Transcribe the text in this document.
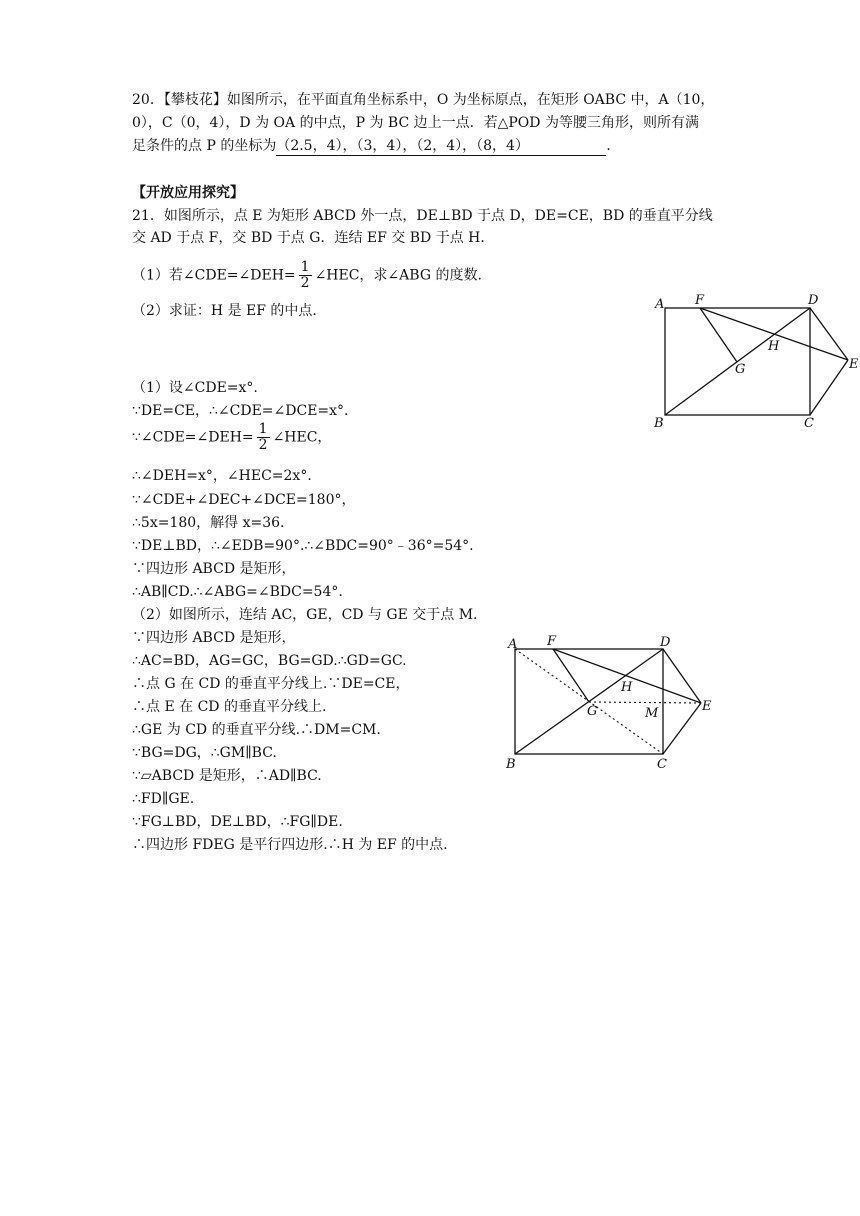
20．【攀枝花】如图所示，在平面直角坐标系中，O 为坐标原点，在矩形 OABC 中，A（10，
0），C（0，4），D 为 OA 的中点，P 为 BC 边上一点．若△POD 为等腰三角形，则所有满
足条件的点 P 的坐标为（2.5，4），（3，4），（2，4），（8，4）	．
【开放应用探究】
21．如图所示，点 E 为矩形 ABCD 外一点，DE⊥BD 于点 D，DE=CE，BD 的垂直平分线
交 AD 于点 F，交 BD 于点 G．连结 EF 交 BD 于点 H．
（1）若∠CDE=∠DEH= $\frac{1}{2}$ ∠HEC，求∠ABG 的度数.
（2）求证：H 是 EF 的中点．
（1）设∠CDE=x°.
∵DE=CE，∴∠CDE=∠DCE=x°.
∵∠CDE=∠DEH= $\frac{1}{2}$ ∠HEC，
∴∠DEH=x°，∠HEC=2x°.
∵∠CDE+∠DEC+∠DCE=180°，
∴5x=180，解得 x=36.
∵DE⊥BD，∴∠EDB=90°.∴∠BDC=90°﹣36°=54°.
∵四边形 ABCD 是矩形，
∴AB∥CD.∴∠ABG=∠BDC=54°.
（2）如图所示，连结 AC，GE，CD 与 GE 交于点 M.
∵四边形 ABCD 是矩形，
∴AC=BD，AG=GC，BG=GD.∴GD=GC.
∴点 G 在 CD 的垂直平分线上.∵DE=CE，
∴点 E 在 CD 的垂直平分线上.
∴GE 为 CD 的垂直平分线.∴DM=CM.
∵BG=DG，∴GM∥BC.
∵▱ABCD 是矩形，∴AD∥BC.
∴FD∥GE.
∵FG⊥BD，DE⊥BD，∴FG∥DE.
∴四边形 FDEG 是平行四边形.∴H 为 EF 的中点.
A F	D
H
G	E
B	C
A F	D
H
G	M	E
B	C
